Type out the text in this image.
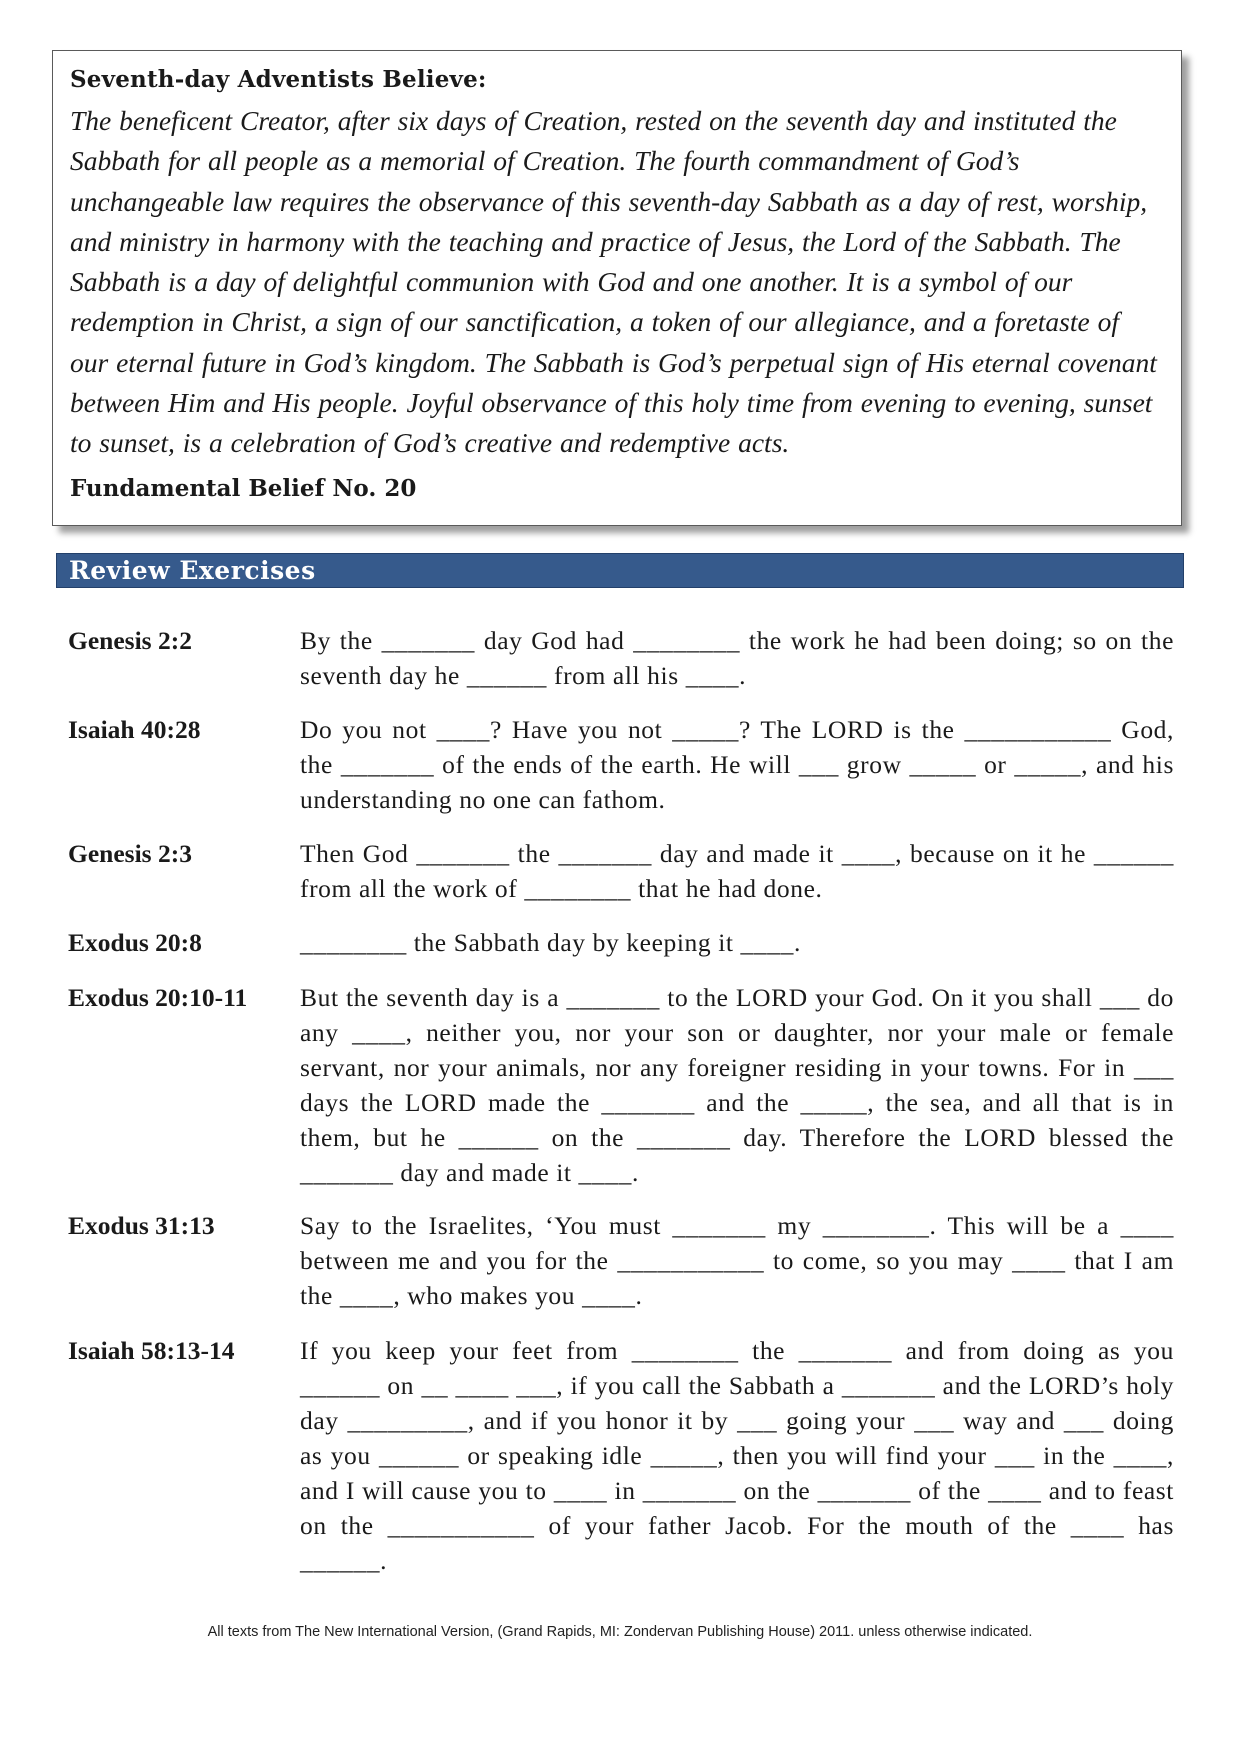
Seventh-day Adventists Believe:

The beneficent Creator, after six days of Creation, rested on the seventh day and instituted the Sabbath for all people as a memorial of Creation. The fourth commandment of God’s unchangeable law requires the observance of this seventh-day Sabbath as a day of rest, worship, and ministry in harmony with the teaching and practice of Jesus, the Lord of the Sabbath. The Sabbath is a day of delightful communion with God and one another. It is a symbol of our redemption in Christ, a sign of our sanctification, a token of our allegiance, and a foretaste of our eternal future in God’s kingdom. The Sabbath is God’s perpetual sign of His eternal covenant between Him and His people. Joyful observance of this holy time from evening to evening, sunset to sunset, is a celebration of God’s creative and redemptive acts.

Fundamental Belief No. 20

Review Exercises
Genesis 2:2	By the _______ day God had ________ the work he had been doing; so on the seventh day he ______ from all his ____.

Isaiah 40:28	Do you not ____? Have you not _____? The LORD is the ___________ God, the _______ of the ends of the earth. He will ___ grow _____ or _____, and his understanding no one can fathom.

Genesis 2:3	Then God _______ the _______ day and made it ____, because on it he ______ from all the work of ________ that he had done.

Exodus 20:8	________ the Sabbath day by keeping it ____.

Exodus 20:10-11 But the seventh day is a _______ to the LORD your God. On it you shall ___ do any ____, neither you, nor your son or daughter, nor your male or female servant, nor your animals, nor any foreigner residing in your towns. For in ___ days the LORD made the _______ and the _____, the sea, and all that is in them, but he ______ on the _______ day. Therefore the LORD blessed the _______ day and made it ____.

Exodus 31:13	Say to the Israelites, ‘You must _______ my ________. This will be a ____ between me and you for the ___________ to come, so you may ____ that I am the ____, who makes you ____.

Isaiah 58:13-14	If you keep your feet from ________ the _______ and from doing as you ______ on __ ____ ___, if you call the Sabbath a _______ and the LORD’s holy day _________, and if you honor it by ___ going your ___ way and ___ doing as you ______ or speaking idle _____, then you will find your ___ in the ____, and I will cause you to ____ in _______ on the _______ of the ____ and to feast on the ___________ of your father Jacob. For the mouth of the ____ has ______.

All texts from The New International Version, (Grand Rapids, MI: Zondervan Publishing House) 2011. unless otherwise indicated.
